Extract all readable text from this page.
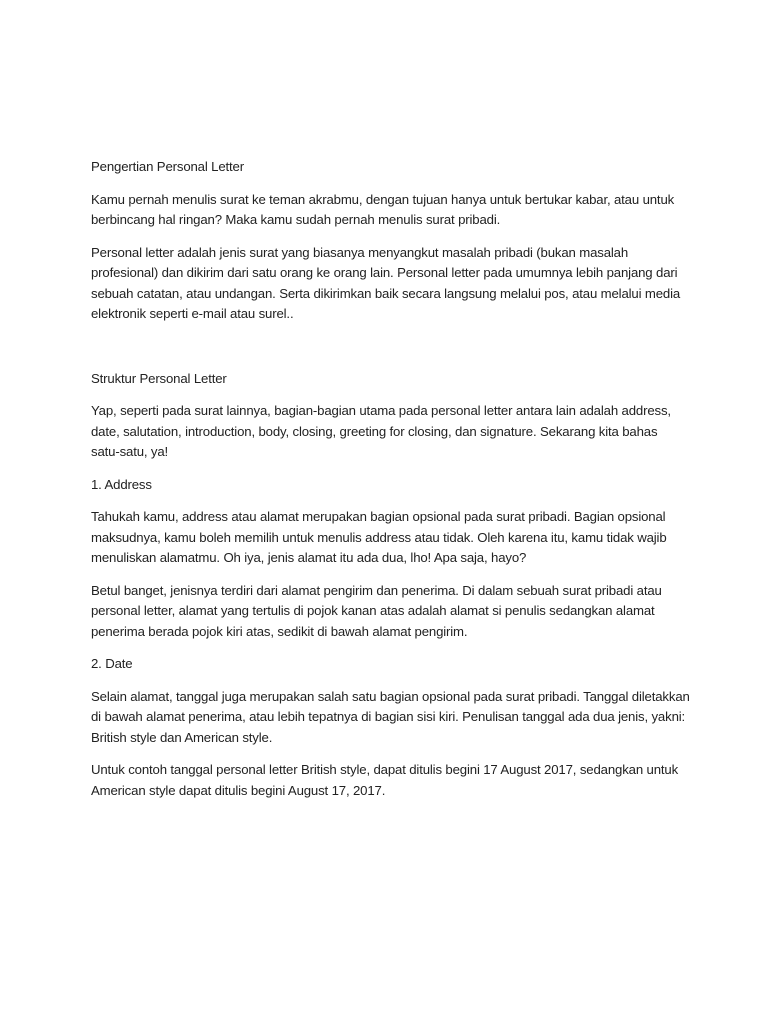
Pengertian Personal Letter

Kamu pernah menulis surat ke teman akrabmu, dengan tujuan hanya untuk bertukar kabar, atau untuk
berbincang hal ringan? Maka kamu sudah pernah menulis surat pribadi.

Personal letter adalah jenis surat yang biasanya menyangkut masalah pribadi (bukan masalah
profesional) dan dikirim dari satu orang ke orang lain. Personal letter pada umumnya lebih panjang dari
sebuah catatan, atau undangan. Serta dikirimkan baik secara langsung melalui pos, atau melalui media
elektronik seperti e-mail atau surel..

Struktur Personal Letter

Yap, seperti pada surat lainnya, bagian-bagian utama pada personal letter antara lain adalah address,
date, salutation, introduction, body, closing, greeting for closing, dan signature. Sekarang kita bahas
satu-satu, ya!

1. Address

Tahukah kamu, address atau alamat merupakan bagian opsional pada surat pribadi. Bagian opsional
maksudnya, kamu boleh memilih untuk menulis address atau tidak. Oleh karena itu, kamu tidak wajib
menuliskan alamatmu. Oh iya, jenis alamat itu ada dua, lho! Apa saja, hayo?

Betul banget, jenisnya terdiri dari alamat pengirim dan penerima. Di dalam sebuah surat pribadi atau
personal letter, alamat yang tertulis di pojok kanan atas adalah alamat si penulis sedangkan alamat
penerima berada pojok kiri atas, sedikit di bawah alamat pengirim.

2. Date

Selain alamat, tanggal juga merupakan salah satu bagian opsional pada surat pribadi. Tanggal diletakkan
di bawah alamat penerima, atau lebih tepatnya di bagian sisi kiri. Penulisan tanggal ada dua jenis, yakni:
British style dan American style.

Untuk contoh tanggal personal letter British style, dapat ditulis begini 17 August 2017, sedangkan untuk
American style dapat ditulis begini August 17, 2017.
